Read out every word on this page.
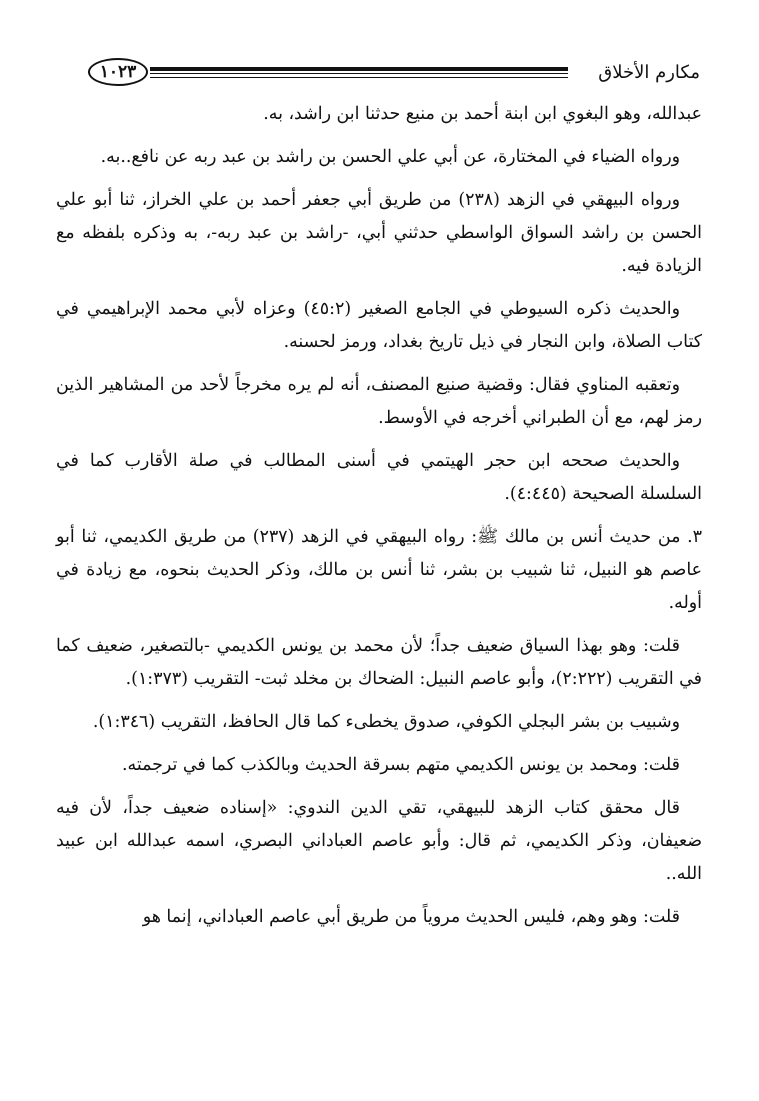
١٠٢٣	مكارم الأخلاق

عبدالله، وهو البغوي ابن ابنة أحمد بن منيع حدثنا ابن راشد، به.

ورواه الضياء في المختارة، عن أبي علي الحسن بن راشد بن عبد ربه عن نافع..به.

ورواه البيهقي في الزهد (٢٣٨) من طريق أبي جعفر أحمد بن علي الخراز، ثنا أبو علي الحسن بن راشد السواق الواسطي حدثني أبي، -راشد بن عبد ربه-، به وذكره بلفظه مع الزيادة فيه.

والحديث ذكره السيوطي في الجامع الصغير (٤٥:٢) وعزاه لأبي محمد الإبراهيمي في كتاب الصلاة، وابن النجار في ذيل تاريخ بغداد، ورمز لحسنه.

وتعقبه المناوي فقال: وقضية صنيع المصنف، أنه لم يره مخرجاً لأحد من المشاهير الذين رمز لهم، مع أن الطبراني أخرجه في الأوسط.

والحديث صححه ابن حجر الهيتمي في أسنى المطالب في صلة الأقارب كما في السلسلة الصحيحة (٤:٤٤٥).

٣. من حديث أنس بن مالك ﷺ: رواه البيهقي في الزهد (٢٣٧) من طريق الكديمي، ثنا أبو عاصم هو النبيل، ثنا شبيب بن بشر، ثنا أنس بن مالك، وذكر الحديث بنحوه، مع زيادة في أوله.

قلت: وهو بهذا السياق ضعيف جداً؛ لأن محمد بن يونس الكديمي -بالتصغير، ضعيف كما في التقريب (٢:٢٢٢)، وأبو عاصم النبيل: الضحاك بن مخلد ثبت- التقريب (١:٣٧٣).

وشبيب بن بشر البجلي الكوفي، صدوق يخطىء كما قال الحافظ، التقريب (١:٣٤٦).

قلت: ومحمد بن يونس الكديمي متهم بسرقة الحديث وبالكذب كما في ترجمته.

قال محقق كتاب الزهد للبيهقي، تقي الدين الندوي: «إسناده ضعيف جداً، لأن فيه ضعيفان، وذكر الكديمي، ثم قال: وأبو عاصم العباداني البصري، اسمه عبدالله ابن عبيد الله..

قلت: وهو وهم، فليس الحديث مروياً من طريق أبي عاصم العباداني، إنما هو
